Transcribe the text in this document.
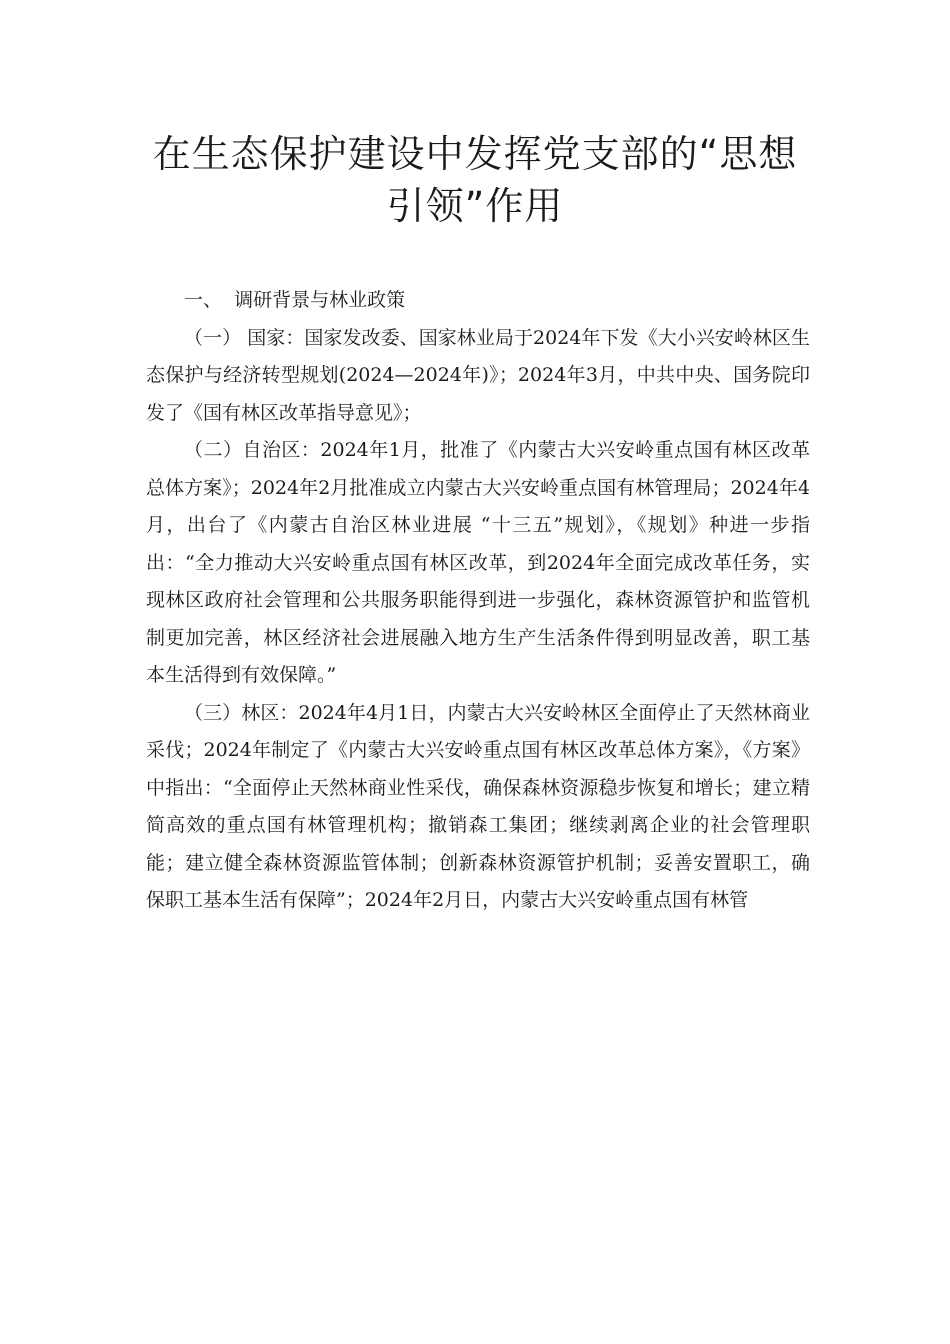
在生态保护建设中发挥党支部的“思想
引领”作用

一、  调研背景与林业政策

（一） 国家：国家发改委、国家林业局于2024年下发《大小兴安岭林区生态保护与经济转型规划(2024—2024年)》；2024年3月，中共中央、国务院印发了《国有林区改革指导意见》；

（二）自治区：2024年1月，批准了《内蒙古大兴安岭重点国有林区改革总体方案》；2024年2月批准成立内蒙古大兴安岭重点国有林管理局；2024年4月，出台了《内蒙古自治区林业进展 “十三五”规划》，《规划》种进一步指出：“全力推动大兴安岭重点国有林区改革，到2024年全面完成改革任务，实现林区政府社会管理和公共服务职能得到进一步强化，森林资源管护和监管机制更加完善，林区经济社会进展融入地方生产生活条件得到明显改善，职工基本生活得到有效保障。”

（三）林区：2024年4月1日，内蒙古大兴安岭林区全面停止了天然林商业采伐；2024年制定了《内蒙古大兴安岭重点国有林区改革总体方案》，《方案》中指出：“全面停止天然林商业性采伐，确保森林资源稳步恢复和增长；建立精简高效的重点国有林管理机构；撤销森工集团；继续剥离企业的社会管理职能；建立健全森林资源监管体制；创新森林资源管护机制；妥善安置职工，确保职工基本生活有保障”；2024年2月日，内蒙古大兴安岭重点国有林管
